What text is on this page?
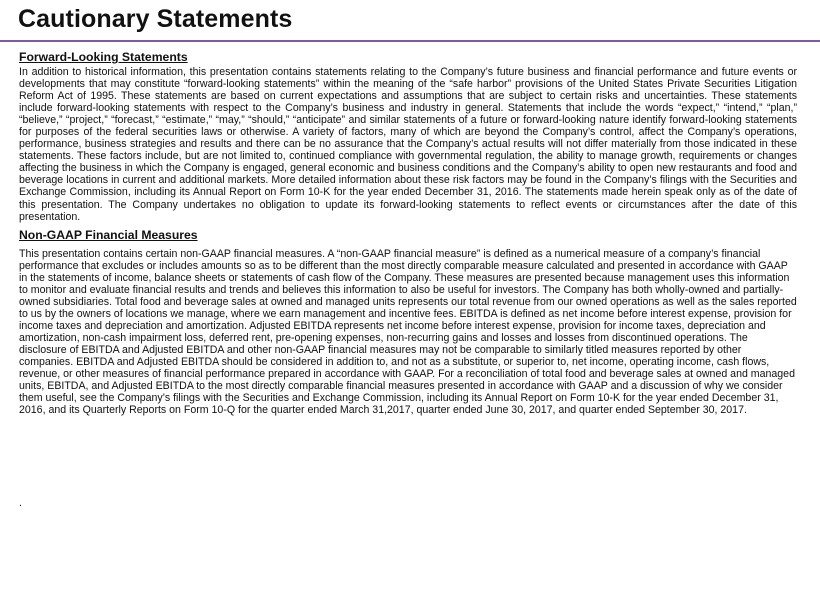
Cautionary Statements
Forward-Looking Statements

In addition to historical information, this presentation contains statements relating to the Company’s future business and financial performance and future events or developments that may constitute “forward-looking statements” within the meaning of the “safe harbor” provisions of the United States Private Securities Litigation Reform Act of 1995. These statements are based on current expectations and assumptions that are subject to certain risks and uncertainties. These statements include forward-looking statements with respect to the Company’s business and industry in general. Statements that include the words “expect,” “intend,” “plan,” “believe,” “project,” “forecast,” “estimate,” “may,” “should,” “anticipate” and similar statements of a future or forward-looking nature identify forward-looking statements for purposes of the federal securities laws or otherwise. A variety of factors, many of which are beyond the Company’s control, affect the Company’s operations, performance, business strategies and results and there can be no assurance that the Company’s actual results will not differ materially from those indicated in these statements. These factors include, but are not limited to, continued compliance with governmental regulation, the ability to manage growth, requirements or changes affecting the business in which the Company is engaged, general economic and business conditions and the Company’s ability to open new restaurants and food and beverage locations in current and additional markets. More detailed information about these risk factors may be found in the Company’s filings with the Securities and Exchange Commission, including its Annual Report on Form 10-K for the year ended December 31, 2016. The statements made herein speak only as of the date of this presentation. The Company undertakes no obligation to update its forward-looking statements to reflect events or circumstances after the date of this presentation.

Non-GAAP Financial Measures

This presentation contains certain non-GAAP financial measures. A “non-GAAP financial measure” is defined as a numerical measure of a company’s financial performance that excludes or includes amounts so as to be different than the most directly comparable measure calculated and presented in accordance with GAAP in the statements of income, balance sheets or statements of cash flow of the Company. These measures are presented because management uses this information to monitor and evaluate financial results and trends and believes this information to also be useful for investors. The Company has both wholly-owned and partially-owned subsidiaries. Total food and beverage sales at owned and managed units represents our total revenue from our owned operations as well as the sales reported to us by the owners of locations we manage, where we earn management and incentive fees. EBITDA is defined as net income before interest expense, provision for income taxes and depreciation and amortization. Adjusted EBITDA represents net income before interest expense, provision for income taxes, depreciation and amortization, non-cash impairment loss, deferred rent, pre-opening expenses, non-recurring gains and losses and losses from discontinued operations. The disclosure of EBITDA and Adjusted EBITDA and other non-GAAP financial measures may not be comparable to similarly titled measures reported by other companies. EBITDA and Adjusted EBITDA should be considered in addition to, and not as a substitute, or superior to, net income, operating income, cash flows, revenue, or other measures of financial performance prepared in accordance with GAAP. For a reconciliation of total food and beverage sales at owned and managed units, EBITDA, and Adjusted EBITDA to the most directly comparable financial measures presented in accordance with GAAP and a discussion of why we consider them useful, see the Company’s filings with the Securities and Exchange Commission, including its Annual Report on Form 10-K for the year ended December 31, 2016, and its Quarterly Reports on Form 10-Q for the quarter ended March 31,2017, quarter ended June 30, 2017, and quarter ended September 30, 2017.

.
